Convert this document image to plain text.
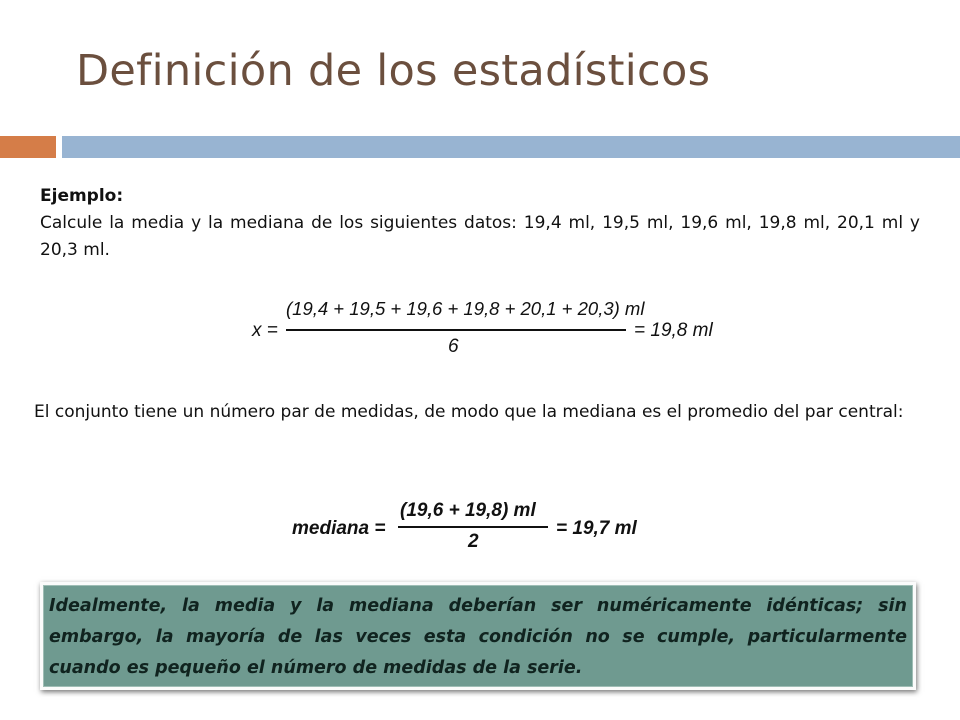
Definición de los estadísticos
Ejemplo:
Calcule la media y la mediana de los siguientes datos: 19,4 ml, 19,5 ml, 19,6 ml, 19,8 ml, 20,1 ml y 20,3 ml.
x =
(19,4 + 19,5 + 19,6 + 19,8 + 20,1 + 20,3) ml
6
= 19,8 ml
El conjunto tiene un número par de medidas, de modo que la mediana es el promedio del par central:
mediana =
(19,6 + 19,8) ml
2
= 19,7 ml
Idealmente, la media y la mediana deberían ser numéricamente idénticas; sin embargo, la mayoría de las veces esta condición no se cumple, particularmente cuando es pequeño el número de medidas de la serie.
